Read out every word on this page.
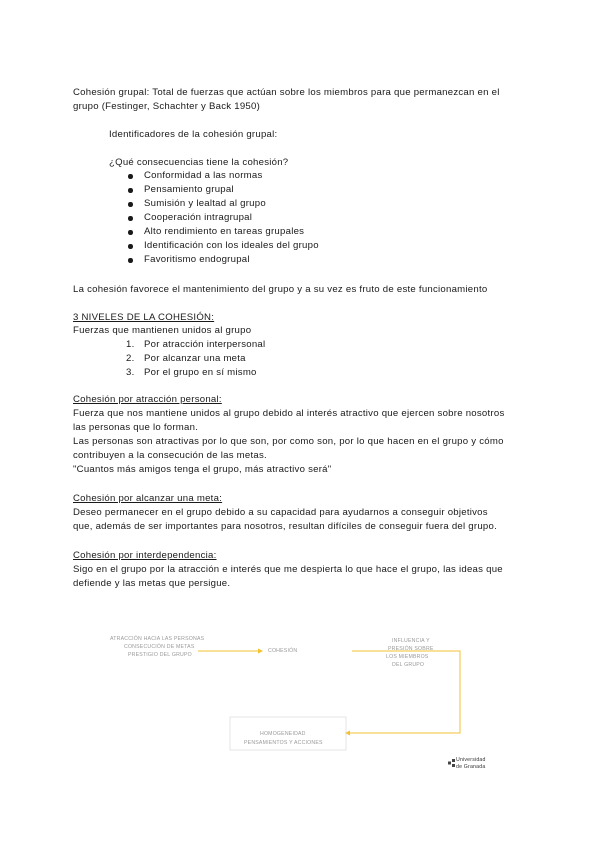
Cohesión grupal: Total de fuerzas que actúan sobre los miembros para que permanezcan en el
grupo (Festinger, Schachter y Back 1950)
Identificadores de la cohesión grupal:
¿Qué consecuencias tiene la cohesión?
Conformidad a las normas
Pensamiento grupal
Sumisión y lealtad al grupo
Cooperación intragrupal
Alto rendimiento en tareas grupales
Identificación con los ideales del grupo
Favoritismo endogrupal
La cohesión favorece el mantenimiento del grupo y a su vez es fruto de este funcionamiento
3 NIVELES DE LA COHESIÓN:
Fuerzas que mantienen unidos al grupo
1. Por atracción interpersonal
2. Por alcanzar una meta
3. Por el grupo en sí mismo
Cohesión por atracción personal:
Fuerza que nos mantiene unidos al grupo debido al interés atractivo que ejercen sobre nosotros
las personas que lo forman.
Las personas son atractivas por lo que son, por como son, por lo que hacen en el grupo y cómo
contribuyen a la consecución de las metas.
"Cuantos más amigos tenga el grupo, más atractivo será"
Cohesión por alcanzar una meta:
Deseo permanecer en el grupo debido a su capacidad para ayudarnos a conseguir objetivos
que, además de ser importantes para nosotros, resultan difíciles de conseguir fuera del grupo.
Cohesión por interdependencia:
Sigo en el grupo por la atracción e interés que me despierta lo que hace el grupo, las ideas que
defiende y las metas que persigue.
ATRACCIÓN HACIA LAS PERSONAS
CONSECUCIÓN DE METAS
PRESTIGIO DEL GRUPO
COHESIÓN
INFLUENCIA Y
PRESIÓN SOBRE
LOS MIEMBROS
DEL GRUPO
HOMOGENEIDAD
PENSAMIENTOS Y ACCIONES
Universidad
de Granada
